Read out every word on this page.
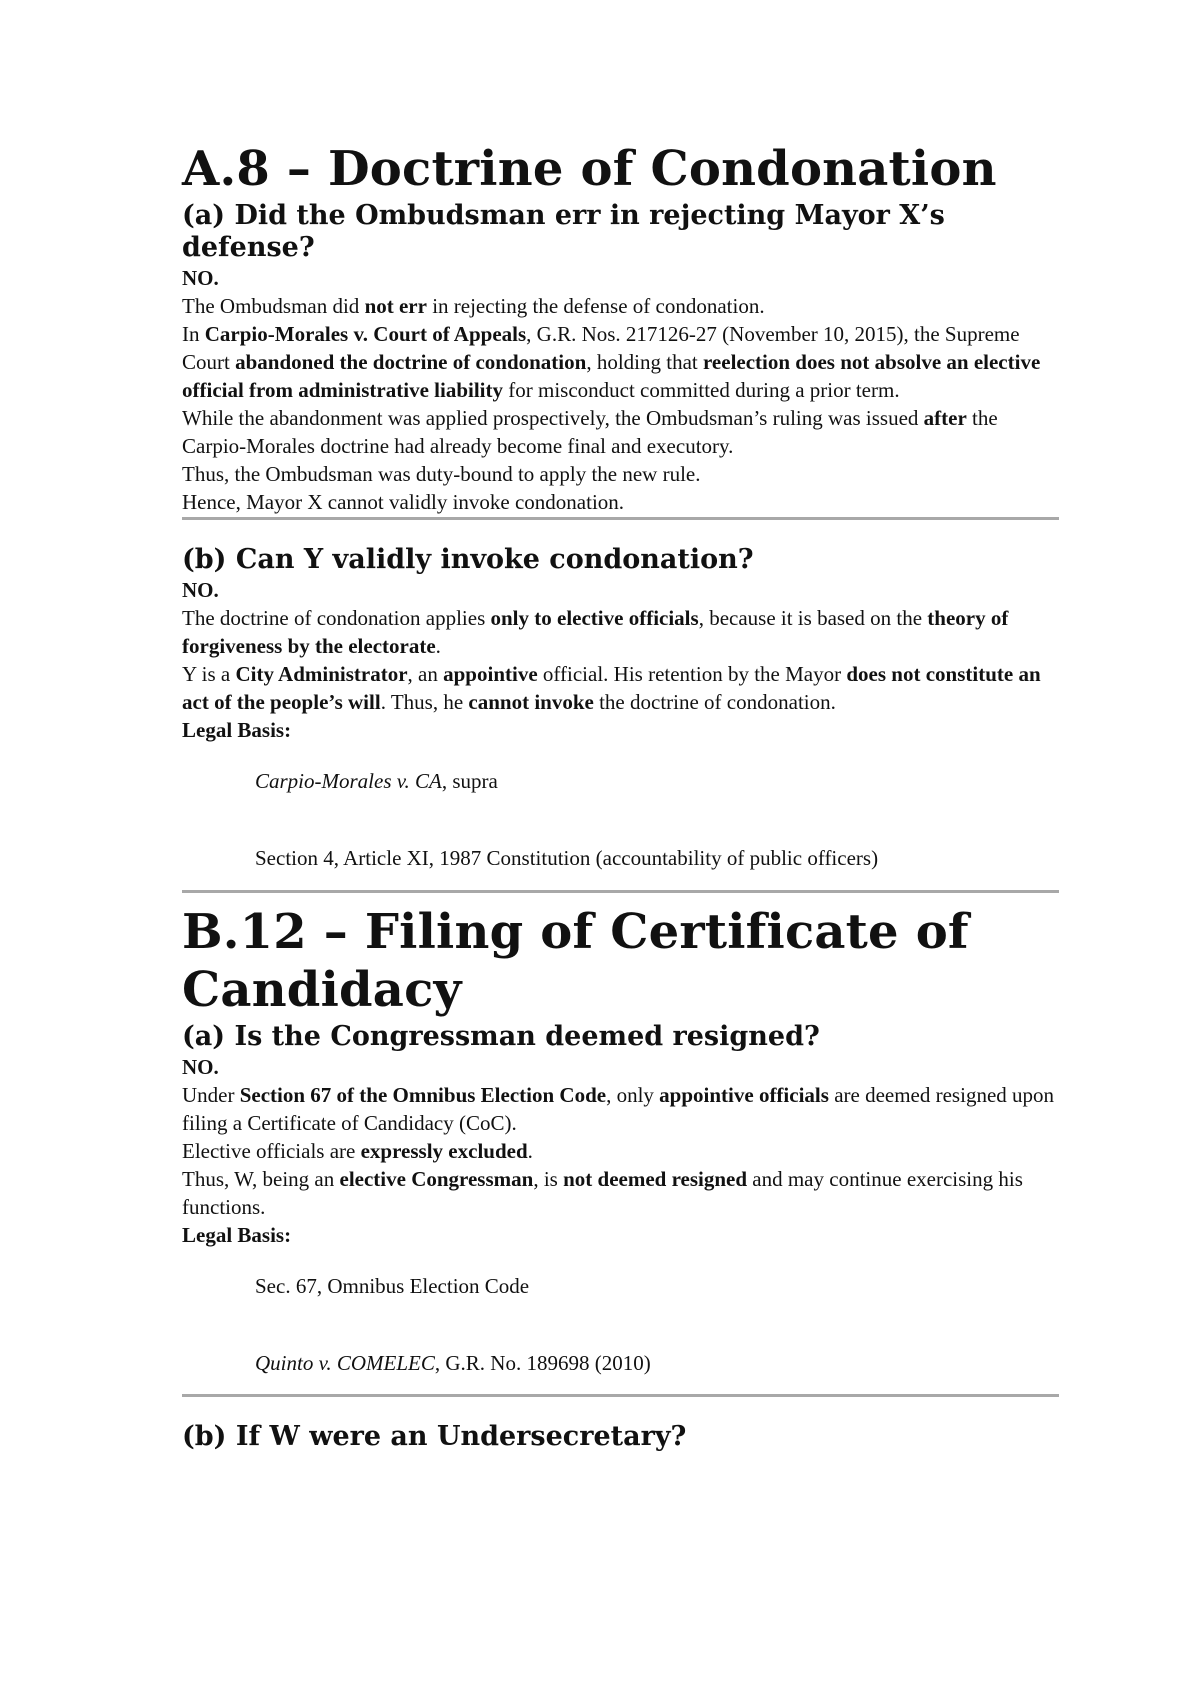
A.8 – Doctrine of Condonation
(a) Did the Ombudsman err in rejecting Mayor X’s defense?

NO.

The Ombudsman did not err in rejecting the defense of condonation.

In Carpio-Morales v. Court of Appeals, G.R. Nos. 217126-27 (November 10, 2015), the Supreme Court abandoned the doctrine of condonation, holding that reelection does not absolve an elective official from administrative liability for misconduct committed during a prior term.

While the abandonment was applied prospectively, the Ombudsman’s ruling was issued after the Carpio-Morales doctrine had already become final and executory.

Thus, the Ombudsman was duty-bound to apply the new rule.

Hence, Mayor X cannot validly invoke condonation.

(b) Can Y validly invoke condonation?

NO.

The doctrine of condonation applies only to elective officials, because it is based on the theory of forgiveness by the electorate.

Y is a City Administrator, an appointive official. His retention by the Mayor does not constitute an act of the people’s will. Thus, he cannot invoke the doctrine of condonation.

Legal Basis:

Carpio-Morales v. CA, supra

Section 4, Article XI, 1987 Constitution (accountability of public officers)

B.12 – Filing of Certificate of Candidacy
(a) Is the Congressman deemed resigned?

NO.

Under Section 67 of the Omnibus Election Code, only appointive officials are deemed resigned upon filing a Certificate of Candidacy (CoC).

Elective officials are expressly excluded.

Thus, W, being an elective Congressman, is not deemed resigned and may continue exercising his functions.

Legal Basis:

Sec. 67, Omnibus Election Code

Quinto v. COMELEC, G.R. No. 189698 (2010)

(b) If W were an Undersecretary?
